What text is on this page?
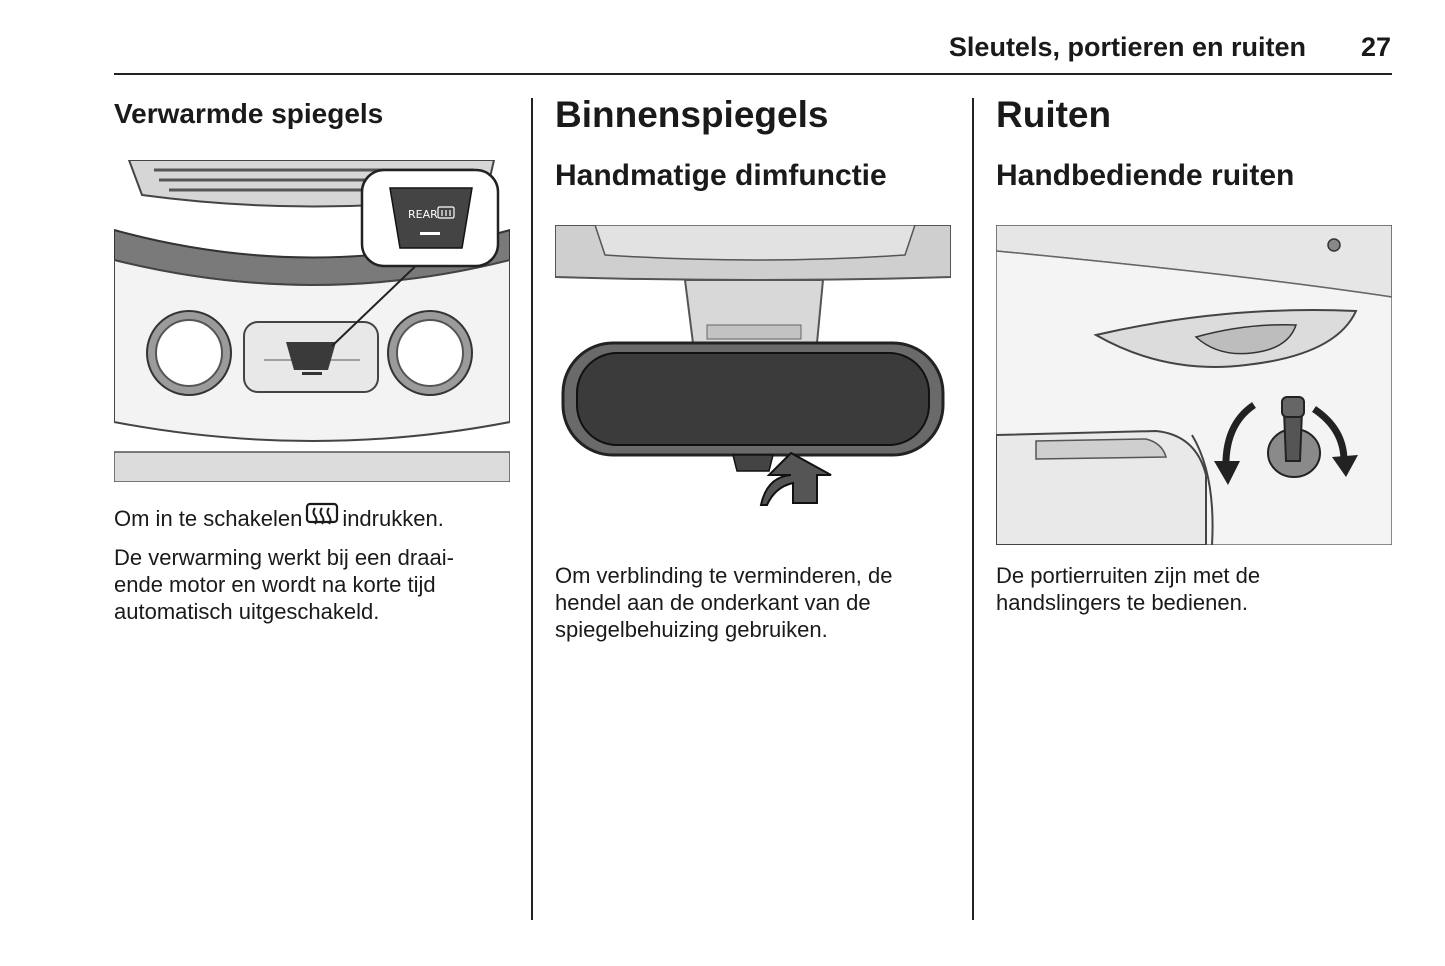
Sleutels, portieren en ruiten	27
Verwarmde spiegels
REAR

Om in te schakelen indrukken.

De verwarming werkt bij een draai-ende motor en wordt na korte tijd automatisch uitgeschakeld.

Binnenspiegels
Handmatige dimfunctie

Om verblinding te verminderen, de hendel aan de onderkant van de spiegelbehuizing gebruiken.

Ruiten
Handbediende ruiten

De portierruiten zijn met de handslingers te bedienen.
